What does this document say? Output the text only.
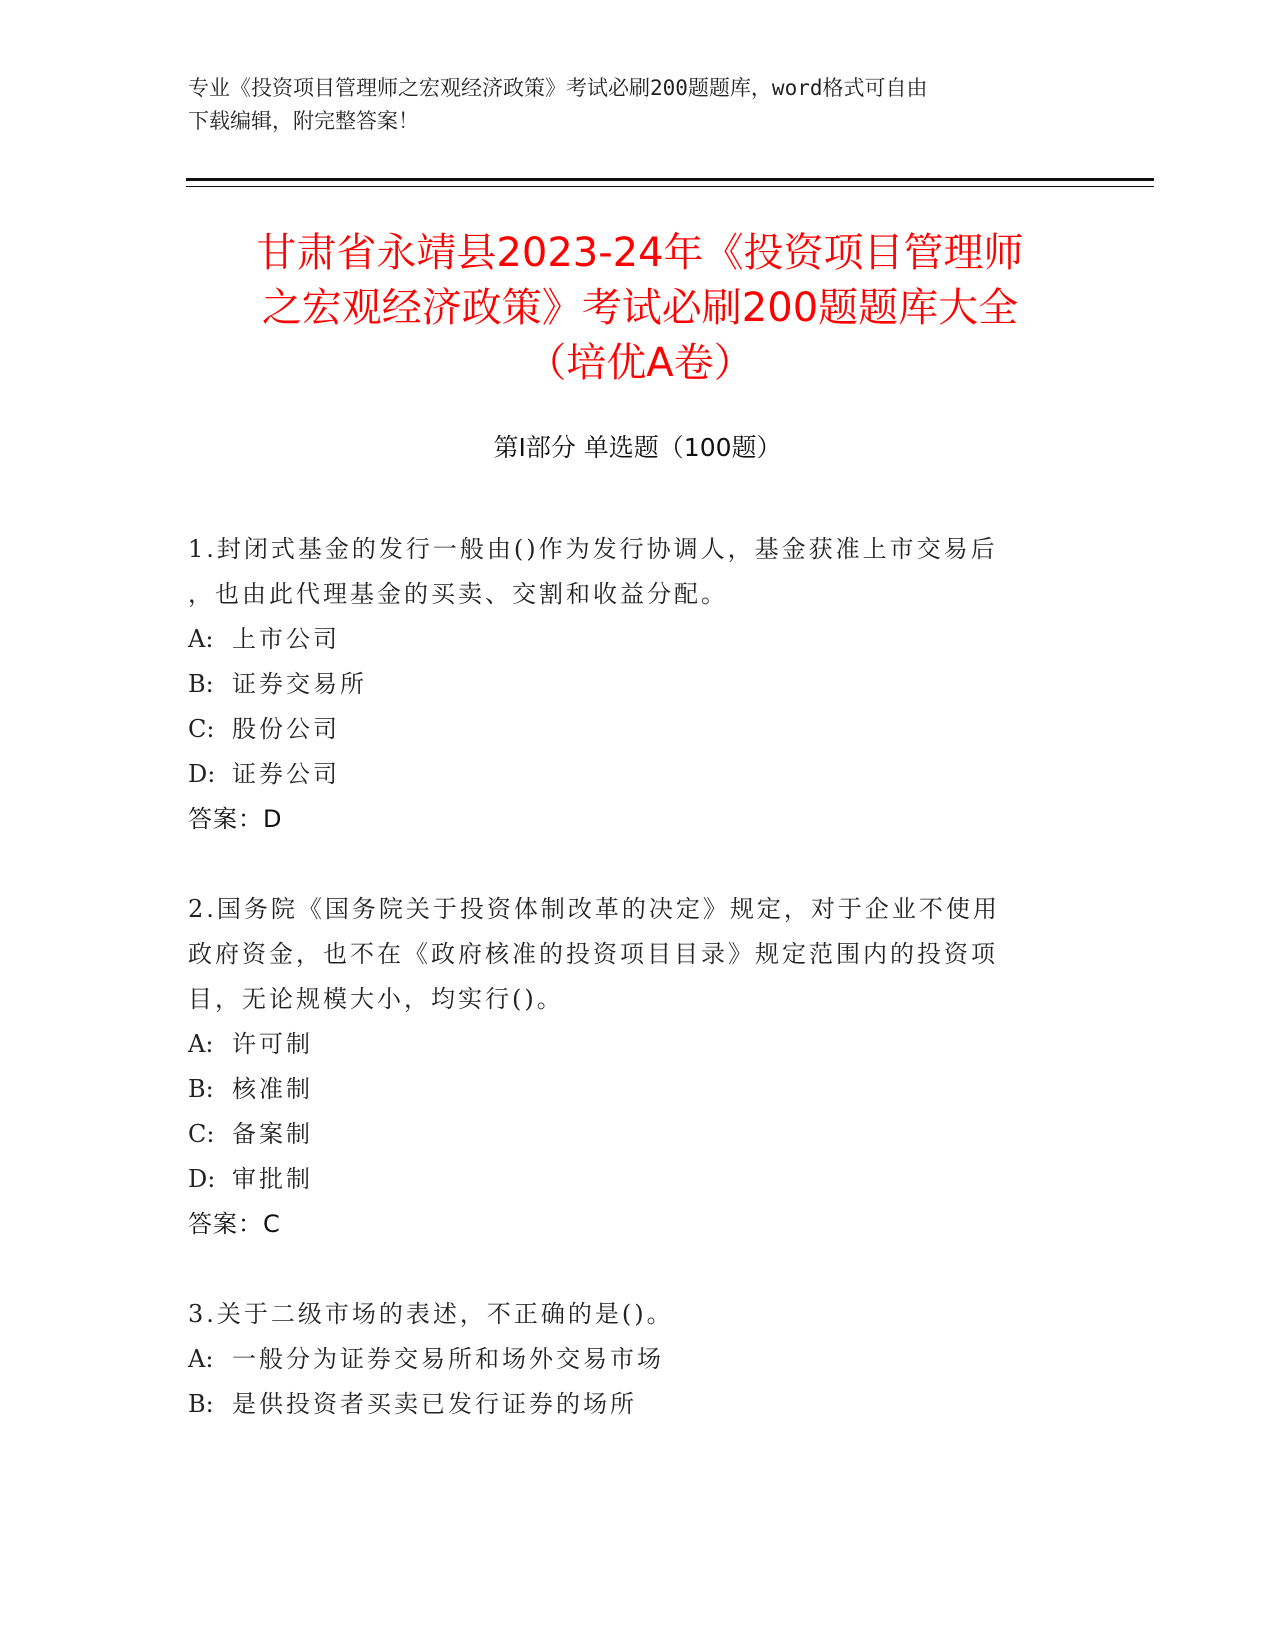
专业《投资项目管理师之宏观经济政策》考试必刷200题题库，word格式可自由
下载编辑，附完整答案！
甘肃省永靖县2023-24年《投资项目管理师
之宏观经济政策》考试必刷200题题库大全
（培优A卷）
第Ⅰ部分 单选题（100题）

1.封闭式基金的发行一般由()作为发行协调人，基金获准上市交易后

，也由此代理基金的买卖、交割和收益分配。

A: 上市公司
B: 证券交易所
C: 股份公司
D: 证券公司

答案：D

2.国务院《国务院关于投资体制改革的决定》规定，对于企业不使用

政府资金，也不在《政府核准的投资项目目录》规定范围内的投资项

目，无论规模大小，均实行()。

A: 许可制
B: 核准制
C: 备案制
D: 审批制

答案：C

3.关于二级市场的表述，不正确的是()。

A: 一般分为证券交易所和场外交易市场
B: 是供投资者买卖已发行证券的场所
